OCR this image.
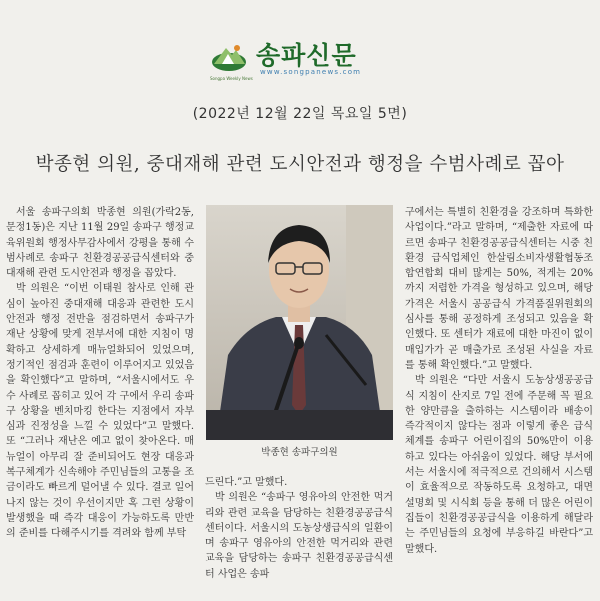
Songpa Weekly News
송파신문
www.songpanews.com
(2022년 12월 22일 목요일 5면)
박종현 의원, 중대재해 관련 도시안전과 행정을 수범사례로 꼽아

서울 송파구의회 박종현 의원(가락2동, 문정1동)은 지난 11월 29일 송파구 행정교육위원회 행정사무감사에서 강평을 통해 수범사례로 송파구 친환경공공급식센터와 중대재해 관련 도시안전과 행정을 꼽았다.

박 의원은 “이번 이태원 참사로 인해 관심이 높아진 중대재해 대응과 관련한 도시안전과 행정 전반을 점검하면서 송파구가 재난 상황에 맞게 전부서에 대한 지침이 명확하고 상세하게 매뉴얼화되어 있었으며, 정기적인 점검과 훈련이 이루어지고 있었음을 확인했다”고 말하며, “서울시에서도 우수 사례로 꼽히고 있어 각 구에서 우리 송파구 상황을 벤치마킹 한다는 지점에서 자부심과 진정성을 느낄 수 있었다”고 말했다. 또 “그러나 재난은 예고 없이 찾아온다. 매뉴얼이 아무리 잘 준비되어도 현장 대응과 복구체계가 신속해야 주민님들의 고통을 조금이라도 빠르게 덜어낼 수 있다. 결코 일어나지 않는 것이 우선이지만 혹 그런 상황이 발생했을 때 즉각 대응이 가능하도록 만반의 준비를 다해주시기를 격려와 함께 부탁

박종현 송파구의원

드린다.”고 말했다.

박 의원은 “송파구 영유아의 안전한 먹거리와 관련 교육을 담당하는 친환경공공급식 센터이다. 서울시의 도농상생급식의 일환이며 송파구 영유아의 안전한 먹거리와 관련 교육을 담당하는 송파구 친환경공공급식센터 사업은 송파

구에서는 특별히 친환경을 강조하며 특화한 사업이다.”라고 말하며, “제출한 자료에 따르면 송파구 친환경공공급식센터는 시중 친환경 급식업체인 한살림소비자생활협동조합연합회 대비 많게는 50%, 적게는 20%까지 저렴한 가격을 형성하고 있으며, 해당 가격은 서울시 공공급식 가격품질위원회의 심사를 통해 공정하게 조성되고 있음을 확인했다. 또 센터가 재료에 대한 마진이 없이 매입가가 곧 매출가로 조성된 사실을 자료를 통해 확인했다.”고 말했다.

박 의원은 “다만 서울시 도농상생공공급식 지침이 산지로 7일 전에 주문해 꼭 필요한 양만큼을 출하하는 시스템이라 배송이 즉각적이지 않다는 점과 이렇게 좋은 급식체계를 송파구 어린이집의 50%만이 이용하고 있다는 아쉬움이 있었다. 해당 부서에서는 서울시에 적극적으로 건의해서 시스템이 효율적으로 작동하도록 요청하고, 대면 설명회 및 시식회 등을 통해 더 많은 어린이집들이 친환경공공급식을 이용하게 해달라는 주민님들의 요청에 부응하길 바란다”고 말했다.
